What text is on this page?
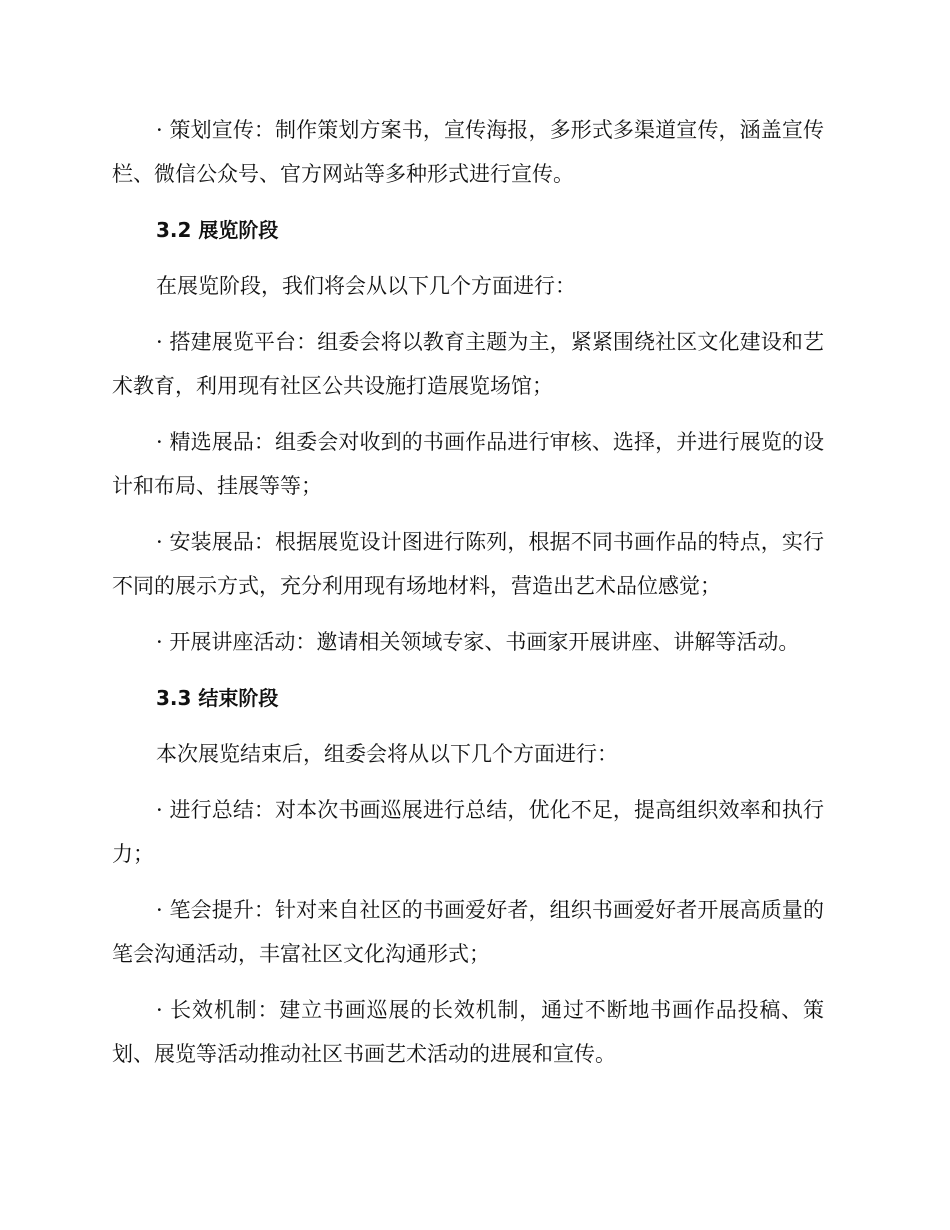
· 策划宣传：制作策划方案书，宣传海报，多形式多渠道宣传，涵盖宣传栏、微信公众号、官方网站等多种形式进行宣传。

3.2 展览阶段

在展览阶段，我们将会从以下几个方面进行：

· 搭建展览平台：组委会将以教育主题为主，紧紧围绕社区文化建设和艺术教育，利用现有社区公共设施打造展览场馆；

· 精选展品：组委会对收到的书画作品进行审核、选择，并进行展览的设计和布局、挂展等等；

· 安装展品：根据展览设计图进行陈列，根据不同书画作品的特点，实行不同的展示方式，充分利用现有场地材料，营造出艺术品位感觉；

· 开展讲座活动：邀请相关领域专家、书画家开展讲座、讲解等活动。

3.3 结束阶段

本次展览结束后，组委会将从以下几个方面进行：

· 进行总结：对本次书画巡展进行总结，优化不足，提高组织效率和执行力；

· 笔会提升：针对来自社区的书画爱好者，组织书画爱好者开展高质量的笔会沟通活动，丰富社区文化沟通形式；

· 长效机制：建立书画巡展的长效机制，通过不断地书画作品投稿、策划、展览等活动推动社区书画艺术活动的进展和宣传。
